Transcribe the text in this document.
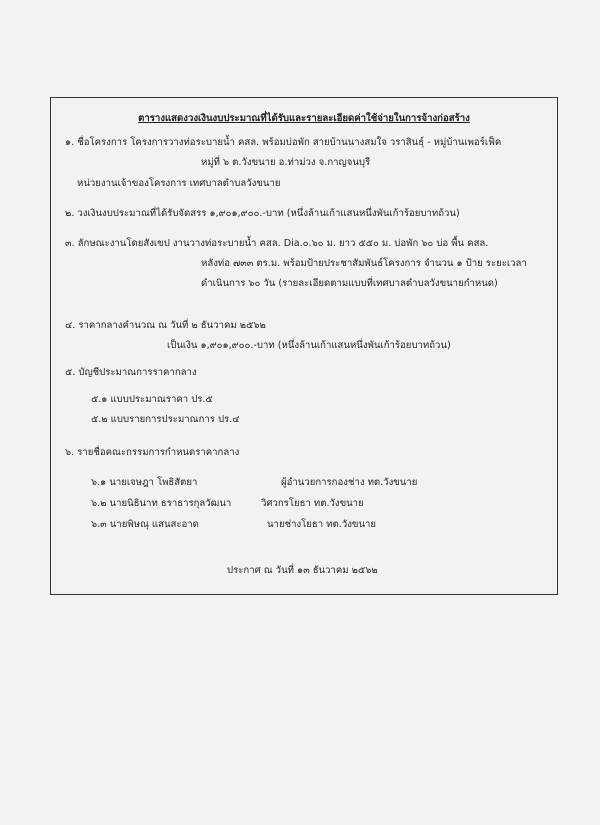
ตารางแสดงวงเงินงบประมาณที่ได้รับและรายละเอียดค่าใช้จ่ายในการจ้างก่อสร้าง
๑. ชื่อโครงการ โครงการวางท่อระบายน้ำ คสล. พร้อมบ่อพัก สายบ้านนางสมใจ วราสินธุ์ - หมู่บ้านเพอร์เฟ็ค
หมู่ที่ ๖ ต.วังขนาย อ.ท่าม่วง จ.กาญจนบุรี
หน่วยงานเจ้าของโครงการ เทศบาลตำบลวังขนาย
๒. วงเงินงบประมาณที่ได้รับจัดสรร ๑,๙๐๑,๙๐๐.-บาท (หนึ่งล้านเก้าแสนหนึ่งพันเก้าร้อยบาทถ้วน)
๓. ลักษณะงานโดยสังเขป งานวางท่อระบายน้ำ คสล. Dia.๐.๖๐ ม. ยาว ๕๕๐ ม. บ่อพัก ๖๐ บ่อ พื้น คสล.
หลังท่อ ๗๓๓ ตร.ม. พร้อมป้ายประชาสัมพันธ์โครงการ จำนวน ๑ ป้าย ระยะเวลา
ดำเนินการ ๖๐ วัน (รายละเอียดตามแบบที่เทศบาลตำบลวังขนายกำหนด)
๔. ราคากลางคำนวณ ณ วันที่ ๒ ธันวาคม ๒๕๖๒
เป็นเงิน ๑,๙๐๑,๙๐๐.-บาท (หนึ่งล้านเก้าแสนหนึ่งพันเก้าร้อยบาทถ้วน)
๕. บัญชีประมาณการราคากลาง
๕.๑ แบบประมาณราคา ปร.๕
๕.๒ แบบรายการประมาณการ ปร.๔
๖. รายชื่อคณะกรรมการกำหนดราคากลาง
๖.๑ นายเจษฎา โพธิสัตยา	ผู้อำนวยการกองช่าง ทต.วังขนาย
๖.๒ นายนิธินาท ธราธารกุลวัฒนา	วิศวกรโยธา ทต.วังขนาย
๖.๓ นายพิษณุ แสนสะอาด	นายช่างโยธา ทต.วังขนาย
ประกาศ ณ วันที่ ๑๓ ธันวาคม ๒๕๖๒
